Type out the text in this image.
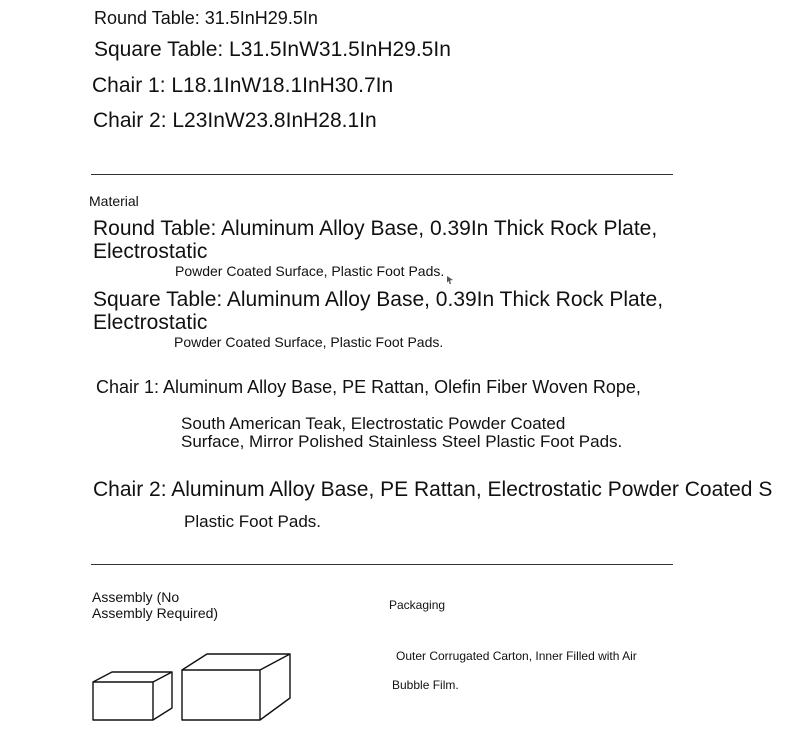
Round Table: 31.5InH29.5In
Square Table: L31.5InW31.5InH29.5In
Chair 1: L18.1InW18.1InH30.7In
Chair 2: L23InW23.8InH28.1In
Material
Round Table: Aluminum Alloy Base, 0.39In Thick Rock Plate,
Electrostatic
Powder Coated Surface, Plastic Foot Pads.
Square Table: Aluminum Alloy Base, 0.39In Thick Rock Plate,
Electrostatic
Powder Coated Surface, Plastic Foot Pads.
Chair 1: Aluminum Alloy Base, PE Rattan, Olefin Fiber Woven Rope,
South American Teak, Electrostatic Powder Coated
Surface, Mirror Polished Stainless Steel Plastic Foot Pads.
Chair 2: Aluminum Alloy Base, PE Rattan, Electrostatic Powder Coated S
Plastic Foot Pads.
Assembly (No
Assembly Required)	Packaging
Outer Corrugated Carton, Inner Filled with Air
Bubble Film.
